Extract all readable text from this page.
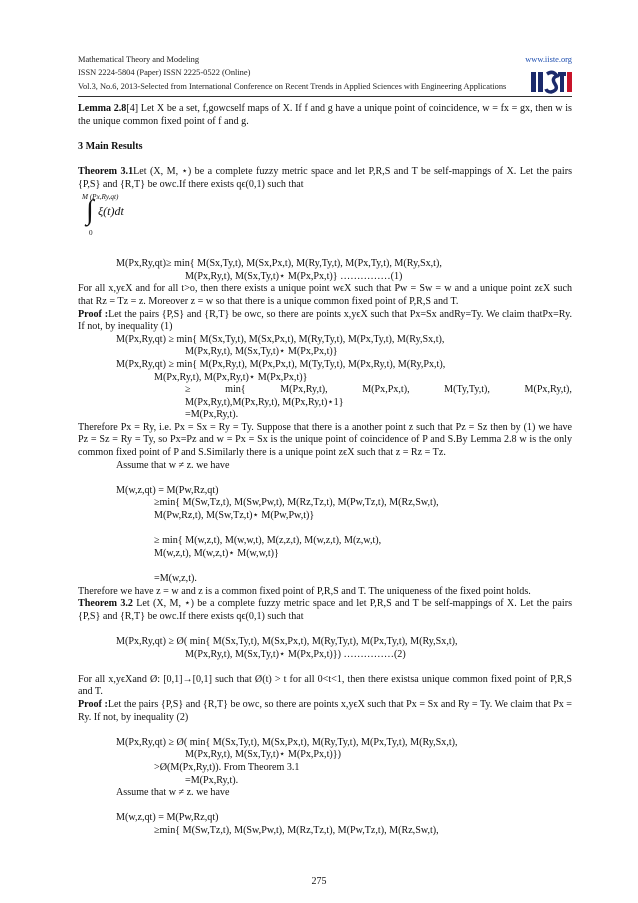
Mathematical Theory and Modeling	www.iiste.org
ISSN 2224-5804 (Paper) ISSN 2225-0522 (Online)
Vol.3, No.6, 2013-Selected from International Conference on Recent Trends in Applied Sciences with Engineering Applications

Lemma 2.8[4] Let X be a set, f,gowcself maps of X. If f and g have a unique point of coincidence, w = fx = gx, then w is the unique common fixed point of f and g.

3 Main Results

Theorem 3.1Let (X, M, ⋆) be a complete fuzzy metric space and let P,R,S and T be self-mappings of X. Let the pairs {P,S} and {R,T} be owc.If there exists qϵ(0,1) such that

M (Px,Ry,qt)
∫ ξ(t)dt
0

M(Px,Ry,qt)≥ min{ M(Sx,Ty,t), M(Sx,Px,t), M(Ry,Ty,t), M(Px,Ty,t), M(Ry,Sx,t),

M(Px,Ry,t), M(Sx,Ty,t)⋆ M(Px,Px,t)} ……………(1)

For all x,yϵX and for all t>o, then there exists a unique point wϵX such that Pw = Sw = w and a unique point zϵX such that Rz = Tz = z. Moreover z = w so that there is a unique common fixed point of P,R,S and T.

Proof :Let the pairs {P,S} and {R,T} be owc, so there are points x,yϵX such that Px=Sx andRy=Ty. We claim thatPx=Ry. If not, by inequality (1)

M(Px,Ry,qt) ≥ min{ M(Sx,Ty,t), M(Sx,Px,t), M(Ry,Ty,t), M(Px,Ty,t), M(Ry,Sx,t),

M(Px,Ry,t), M(Sx,Ty,t)⋆ M(Px,Px,t)}

M(Px,Ry,qt) ≥ min{ M(Px,Ry,t), M(Px,Px,t), M(Ty,Ty,t), M(Px,Ry,t), M(Ry,Px,t),

M(Px,Ry,t), M(Px,Ry,t)⋆ M(Px,Px,t)}

≥	min{	M(Px,Ry,t),	M(Px,Px,t),	M(Ty,Ty,t),	M(Px,Ry,t),

M(Px,Ry,t),M(Px,Ry,t), M(Px,Ry,t)⋆1}

=M(Px,Ry,t).

Therefore Px = Ry, i.e. Px = Sx = Ry = Ty. Suppose that there is a another point z such that Pz = Sz then by (1) we have Pz = Sz = Ry = Ty, so Px=Pz and w = Px = Sx is the unique point of coincidence of P and S.By Lemma 2.8 w is the only common fixed point of P and S.Similarly there is a unique point zϵX such that z = Rz = Tz.

Assume that w ≠ z. we have

M(w,z,qt) = M(Pw,Rz,qt)

≥min{ M(Sw,Tz,t), M(Sw,Pw,t), M(Rz,Tz,t), M(Pw,Tz,t), M(Rz,Sw,t),

M(Pw,Rz,t), M(Sw,Tz,t)⋆ M(Pw,Pw,t)}

≥ min{ M(w,z,t), M(w,w,t), M(z,z,t), M(w,z,t), M(z,w,t),

M(w,z,t), M(w,z,t)⋆ M(w,w,t)}

=M(w,z,t).

Therefore we have z = w and z is a common fixed point of P,R,S and T. The uniqueness of the fixed point holds.

Theorem 3.2 Let (X, M, ⋆) be a complete fuzzy metric space and let P,R,S and T be self-mappings of X. Let the pairs {P,S} and {R,T} be owc.If there exists qϵ(0,1) such that

M(Px,Ry,qt) ≥ Ø( min{ M(Sx,Ty,t), M(Sx,Px,t), M(Ry,Ty,t), M(Px,Ty,t), M(Ry,Sx,t),

M(Px,Ry,t), M(Sx,Ty,t)⋆ M(Px,Px,t)}) ……………(2)

For all x,yϵXand Ø: [0,1]→[0,1] such that Ø(t) > t for all 0<t<1, then there existsa unique common fixed point of P,R,S and T.

Proof :Let the pairs {P,S} and {R,T} be owc, so there are points x,yϵX such that Px = Sx and Ry = Ty. We claim that Px = Ry. If not, by inequality (2)

M(Px,Ry,qt) ≥ Ø( min{ M(Sx,Ty,t), M(Sx,Px,t), M(Ry,Ty,t), M(Px,Ty,t), M(Ry,Sx,t),

M(Px,Ry,t), M(Sx,Ty,t)⋆ M(Px,Px,t)})

>Ø(M(Px,Ry,t)). From Theorem 3.1

=M(Px,Ry,t).

Assume that w ≠ z. we have

M(w,z,qt) = M(Pw,Rz,qt)

≥min{ M(Sw,Tz,t), M(Sw,Pw,t), M(Rz,Tz,t), M(Pw,Tz,t), M(Rz,Sw,t),

275
